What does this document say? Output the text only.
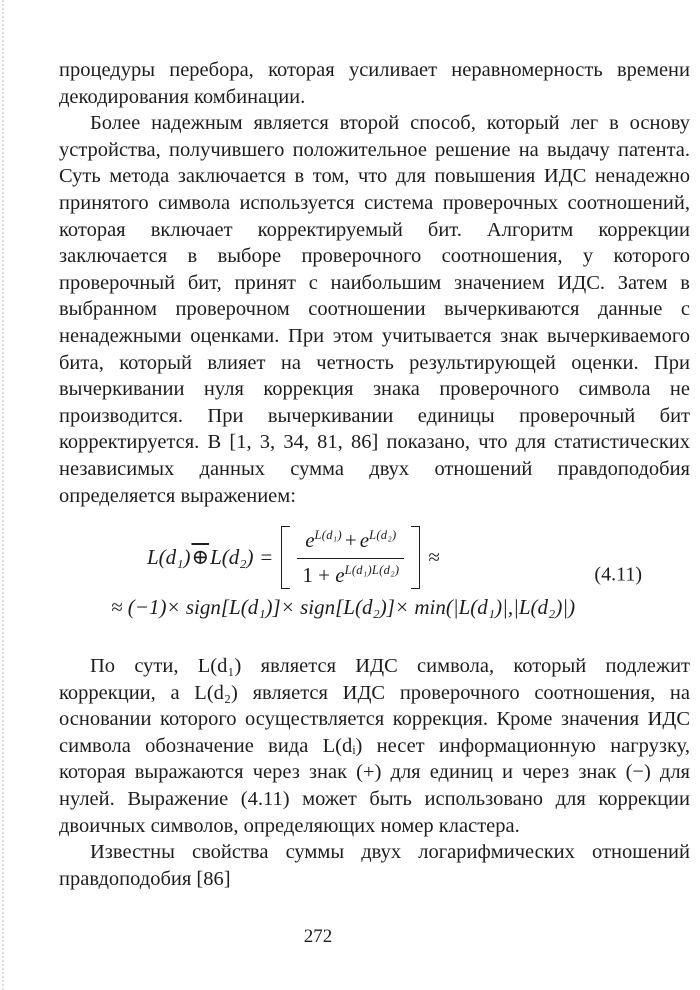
процедуры перебора, которая усиливает неравномерность времени декодирования комбинации.

Более надежным является второй способ, который лег в основу устройства, получившего положительное решение на выдачу патента. Суть метода заключается в том, что для повышения ИДС ненадежно принятого символа используется система проверочных соотношений, которая включает корректируемый бит. Алгоритм коррекции заключается в выборе проверочного соотношения, у которого проверочный бит, принят с наибольшим значением ИДС. Затем в выбранном проверочном соотношении вычеркиваются данные с ненадежными оценками. При этом учитывается знак вычеркиваемого бита, который влияет на четность результирующей оценки. При вычеркивании нуля коррекция знака проверочного символа не производится. При вычеркивании единицы проверочный бит корректируется. В [1, 3, 34, 81, 86] показано, что для статистических независимых данных сумма двух отношений правдоподобия определяется выражением:

L(d₁) ⊕ $L(d_2) = \frac{e^{L(d_1)} + e^{L(d_2)}}{1 + e^{L(d_1)L(d_2)}}$ ≈
≈ (−1)× sign[L(d₁)]× sign[L(d₂)]× min(|L(d₁)|,|L(d₂)|)
(4.11)

По сути, L(d₁) является ИДС символа, который подлежит коррекции, а L(d₂) является ИДС проверочного соотношения, на основании которого осуществляется коррекция. Кроме значения ИДС символа обозначение вида L(dᵢ) несет информационную нагрузку, которая выражаются через знак (+) для единиц и через знак (−) для нулей. Выражение (4.11) может быть использовано для коррекции двоичных символов, определяющих номер кластера.

Известны свойства суммы двух логарифмических отношений правдоподобия [86]

272
